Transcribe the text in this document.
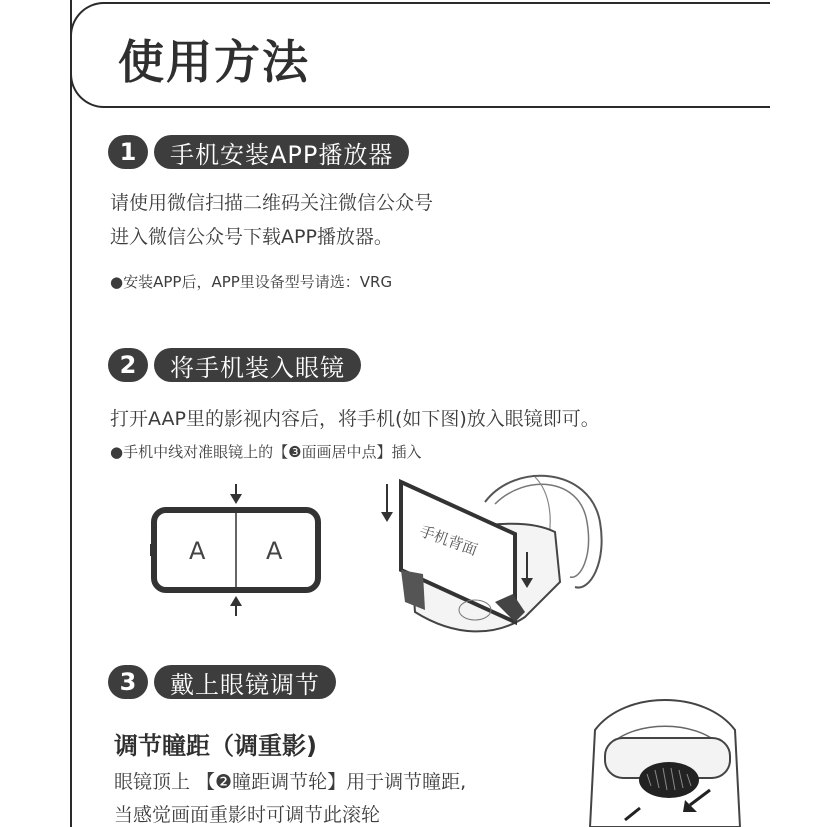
使用方法
1	手机安装APP播放器

请使用微信扫描二维码关注微信公众号

进入微信公众号下载APP播放器。

●安装APP后，APP里设备型号请选：VRG

2	将手机装入眼镜

打开AAP里的影视内容后，将手机(如下图)放入眼镜即可。

●手机中线对准眼镜上的【❸面画居中点】插入

A	A	手机背面
3	戴上眼镜调节
调节瞳距（调重影)

眼镜顶上 【❷瞳距调节轮】用于调节瞳距,

当感觉画面重影时可调节此滚轮
